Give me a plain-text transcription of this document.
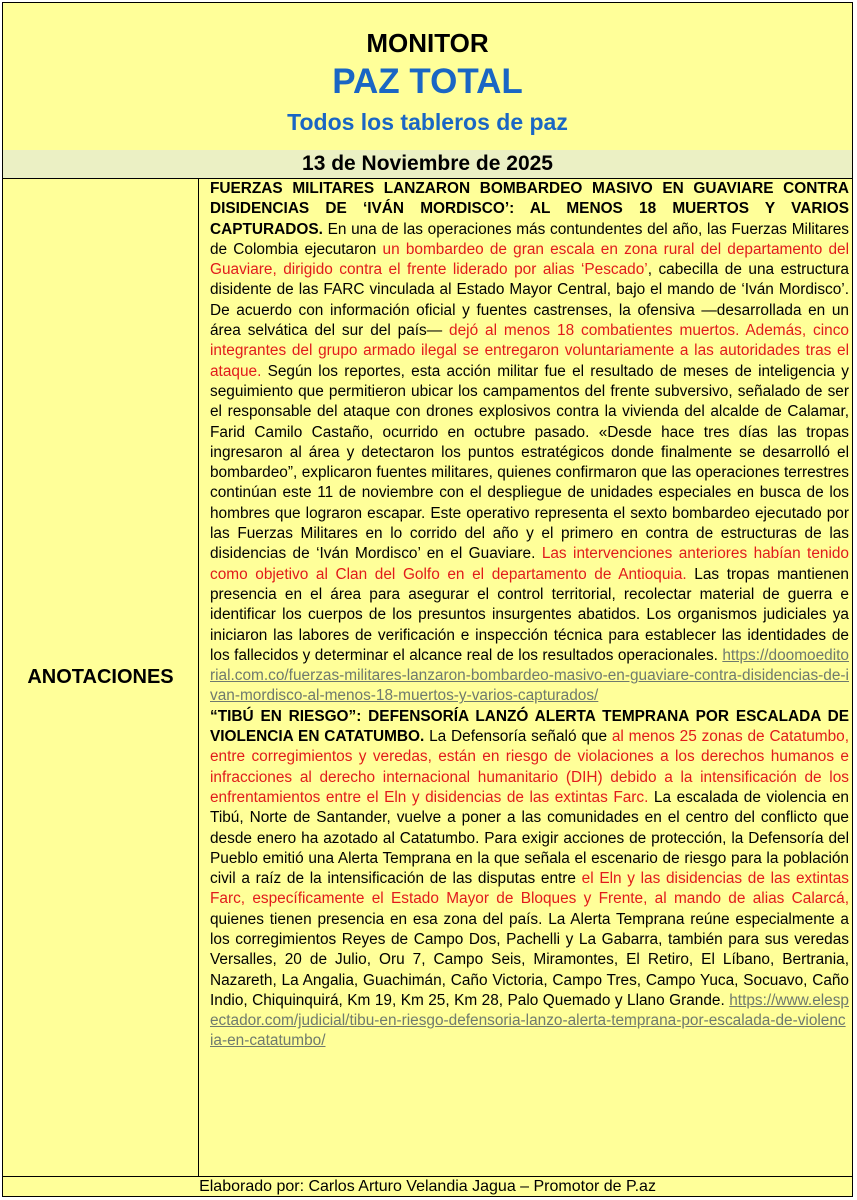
MONITOR
PAZ TOTAL
Todos los tableros de paz
13 de Noviembre de 2025
ANOTACIONES

FUERZAS MILITARES LANZARON BOMBARDEO MASIVO EN GUAVIARE CONTRA DISIDENCIAS DE ‘IVÁN MORDISCO’: AL MENOS 18 MUERTOS Y VARIOS CAPTURADOS. En una de las operaciones más contundentes del año, las Fuerzas Militares de Colombia ejecutaron un bombardeo de gran escala en zona rural del departamento del Guaviare, dirigido contra el frente liderado por alias ‘Pescado’, cabecilla de una estructura disidente de las FARC vinculada al Estado Mayor Central, bajo el mando de ‘Iván Mordisco’. De acuerdo con información oficial y fuentes castrenses, la ofensiva —desarrollada en un área selvática del sur del país— dejó al menos 18 combatientes muertos. Además, cinco integrantes del grupo armado ilegal se entregaron voluntariamente a las autoridades tras el ataque. Según los reportes, esta acción militar fue el resultado de meses de inteligencia y seguimiento que permitieron ubicar los campamentos del frente subversivo, señalado de ser el responsable del ataque con drones explosivos contra la vivienda del alcalde de Calamar, Farid Camilo Castaño, ocurrido en octubre pasado. «Desde hace tres días las tropas ingresaron al área y detectaron los puntos estratégicos donde finalmente se desarrolló el bombardeo”, explicaron fuentes militares, quienes confirmaron que las operaciones terrestres continúan este 11 de noviembre con el despliegue de unidades especiales en busca de los hombres que lograron escapar. Este operativo representa el sexto bombardeo ejecutado por las Fuerzas Militares en lo corrido del año y el primero en contra de estructuras de las disidencias de ‘Iván Mordisco’ en el Guaviare. Las intervenciones anteriores habían tenido como objetivo al Clan del Golfo en el departamento de Antioquia. Las tropas mantienen presencia en el área para asegurar el control territorial, recolectar material de guerra e identificar los cuerpos de los presuntos insurgentes abatidos. Los organismos judiciales ya iniciaron las labores de verificación e inspección técnica para establecer las identidades de los fallecidos y determinar el alcance real de los resultados operacionales. https://doomoeditorial.com.co/fuerzas-militares-lanzaron-bombardeo-masivo-en-guaviare-contra-disidencias-de-ivan-mordisco-al-menos-18-muertos-y-varios-capturados/

“TIBÚ EN RIESGO”: DEFENSORÍA LANZÓ ALERTA TEMPRANA POR ESCALADA DE VIOLENCIA EN CATATUMBO. La Defensoría señaló que al menos 25 zonas de Catatumbo, entre corregimientos y veredas, están en riesgo de violaciones a los derechos humanos e infracciones al derecho internacional humanitario (DIH) debido a la intensificación de los enfrentamientos entre el Eln y disidencias de las extintas Farc. La escalada de violencia en Tibú, Norte de Santander, vuelve a poner a las comunidades en el centro del conflicto que desde enero ha azotado al Catatumbo. Para exigir acciones de protección, la Defensoría del Pueblo emitió una Alerta Temprana en la que señala el escenario de riesgo para la población civil a raíz de la intensificación de las disputas entre el Eln y las disidencias de las extintas Farc, específicamente el Estado Mayor de Bloques y Frente, al mando de alias Calarcá, quienes tienen presencia en esa zona del país. La Alerta Temprana reúne especialmente a los corregimientos Reyes de Campo Dos, Pachelli y La Gabarra, también para sus veredas Versalles, 20 de Julio, Oru 7, Campo Seis, Miramontes, El Retiro, El Líbano, Bertrania, Nazareth, La Angalia, Guachimán, Caño Victoria, Campo Tres, Campo Yuca, Socuavo, Caño Indio, Chiquinquirá, Km 19, Km 25, Km 28, Palo Quemado y Llano Grande. https://www.elespectador.com/judicial/tibu-en-riesgo-defensoria-lanzo-alerta-temprana-por-escalada-de-violencia-en-catatumbo/

Elaborado por: Carlos Arturo Velandia Jagua – Promotor de P.az
